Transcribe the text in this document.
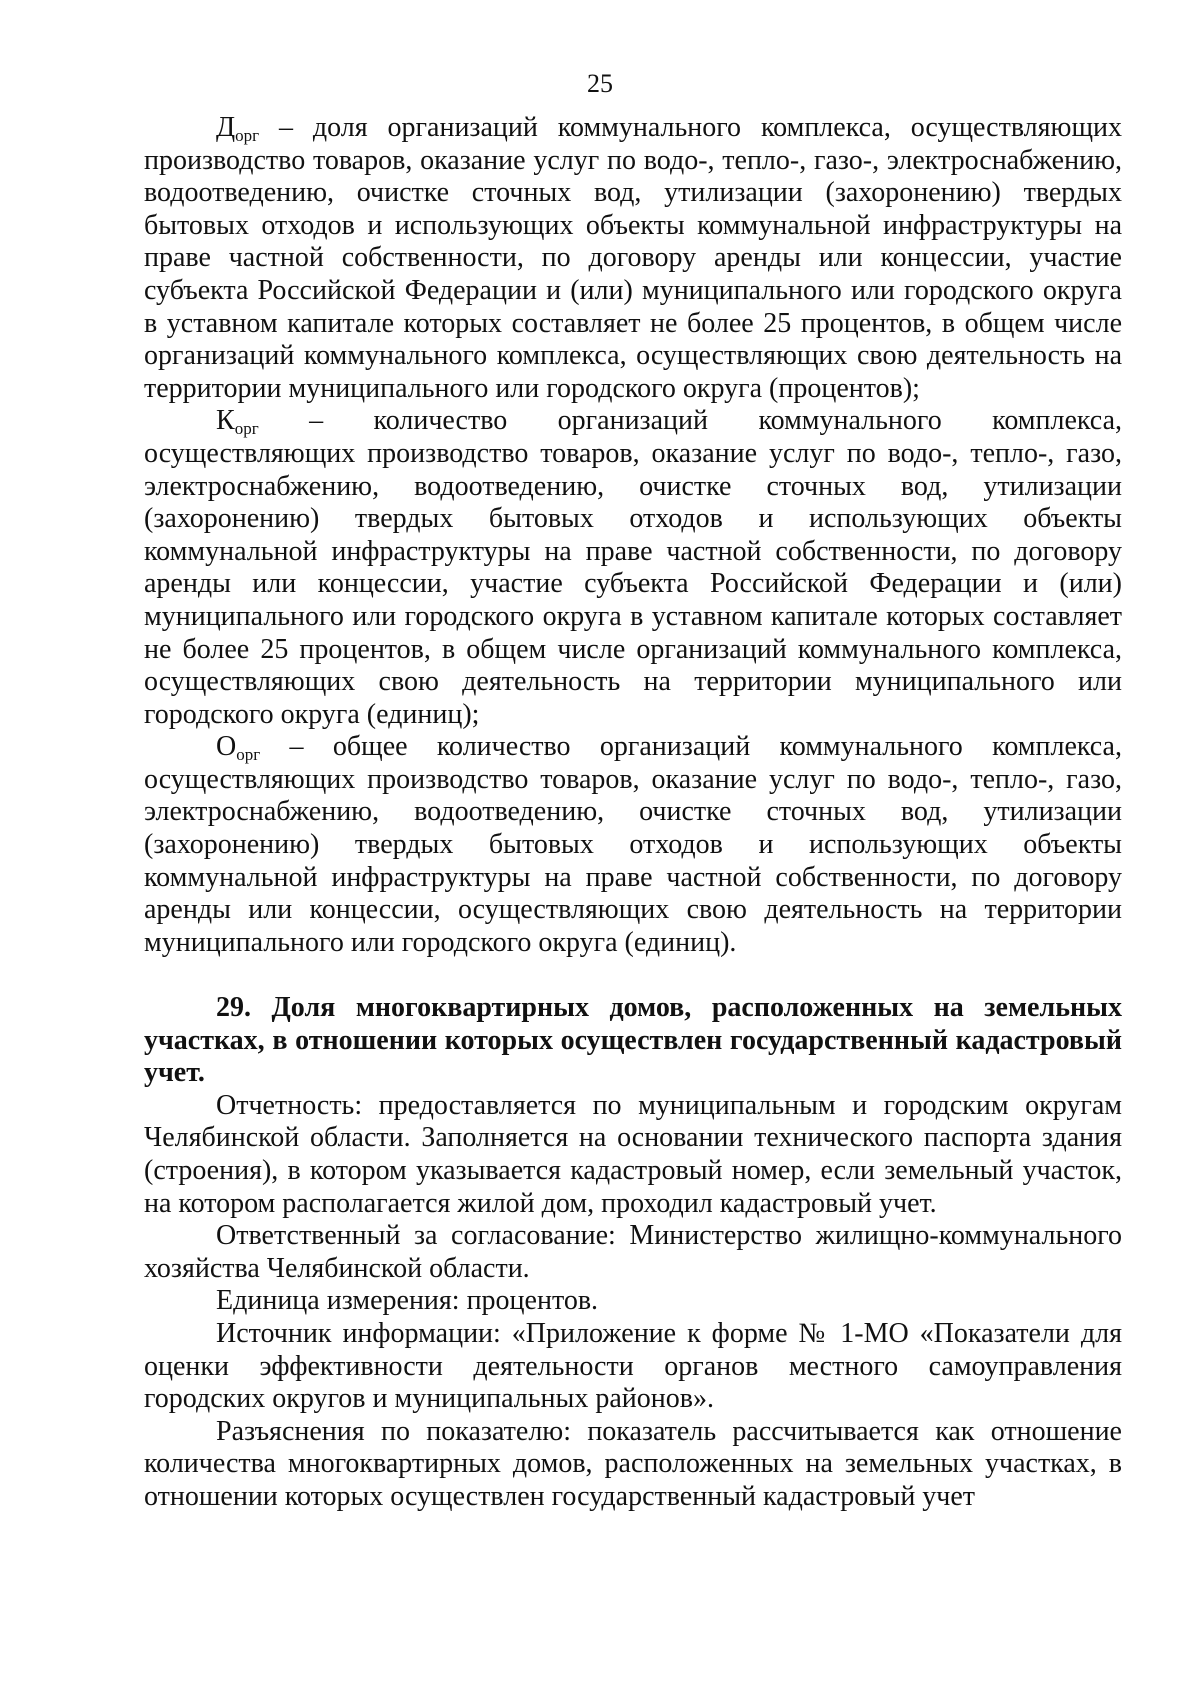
25

$Д_{орг}$ – доля организаций коммунального комплекса, осуществляющих производство товаров, оказание услуг по водо-, тепло-, газо-, электроснабжению, водоотведению, очистке сточных вод, утилизации (захоронению) твердых бытовых отходов и использующих объекты коммунальной инфраструктуры на праве частной собственности, по договору аренды или концессии, участие субъекта Российской Федерации и (или) муниципального или городского округа в уставном капитале которых составляет не более 25 процентов, в общем числе организаций коммунального комплекса, осуществляющих свою деятельность на территории муниципального или городского округа (процентов);

$К_{орг}$ – количество организаций коммунального комплекса, осуществляющих производство товаров, оказание услуг по водо-, тепло-, газо, электроснабжению, водоотведению, очистке сточных вод, утилизации (захоронению) твердых бытовых отходов и использующих объекты коммунальной инфраструктуры на праве частной собственности, по договору аренды или концессии, участие субъекта Российской Федерации и (или) муниципального или городского округа в уставном капитале которых составляет не более 25 процентов, в общем числе организаций коммунального комплекса, осуществляющих свою деятельность на территории муниципального или городского округа (единиц);

$О_{орг}$ – общее количество организаций коммунального комплекса, осуществляющих производство товаров, оказание услуг по водо-, тепло-, газо, электроснабжению, водоотведению, очистке сточных вод, утилизации (захоронению) твердых бытовых отходов и использующих объекты коммунальной инфраструктуры на праве частной собственности, по договору аренды или концессии, осуществляющих свою деятельность на территории муниципального или городского округа (единиц).

29. Доля многоквартирных домов, расположенных на земельных участках, в отношении которых осуществлен государственный кадастровый учет.

Отчетность: предоставляется по муниципальным и городским округам Челябинской области. Заполняется на основании технического паспорта здания (строения), в котором указывается кадастровый номер, если земельный участок, на котором располагается жилой дом, проходил кадастровый учет.

Ответственный за согласование: Министерство жилищно-коммунального хозяйства Челябинской области.

Единица измерения: процентов.

Источник информации: «Приложение к форме № 1-МО «Показатели для оценки эффективности деятельности органов местного самоуправления городских округов и муниципальных районов».

Разъяснения по показателю: показатель рассчитывается как отношение количества многоквартирных домов, расположенных на земельных участках, в отношении которых осуществлен государственный кадастровый учет
